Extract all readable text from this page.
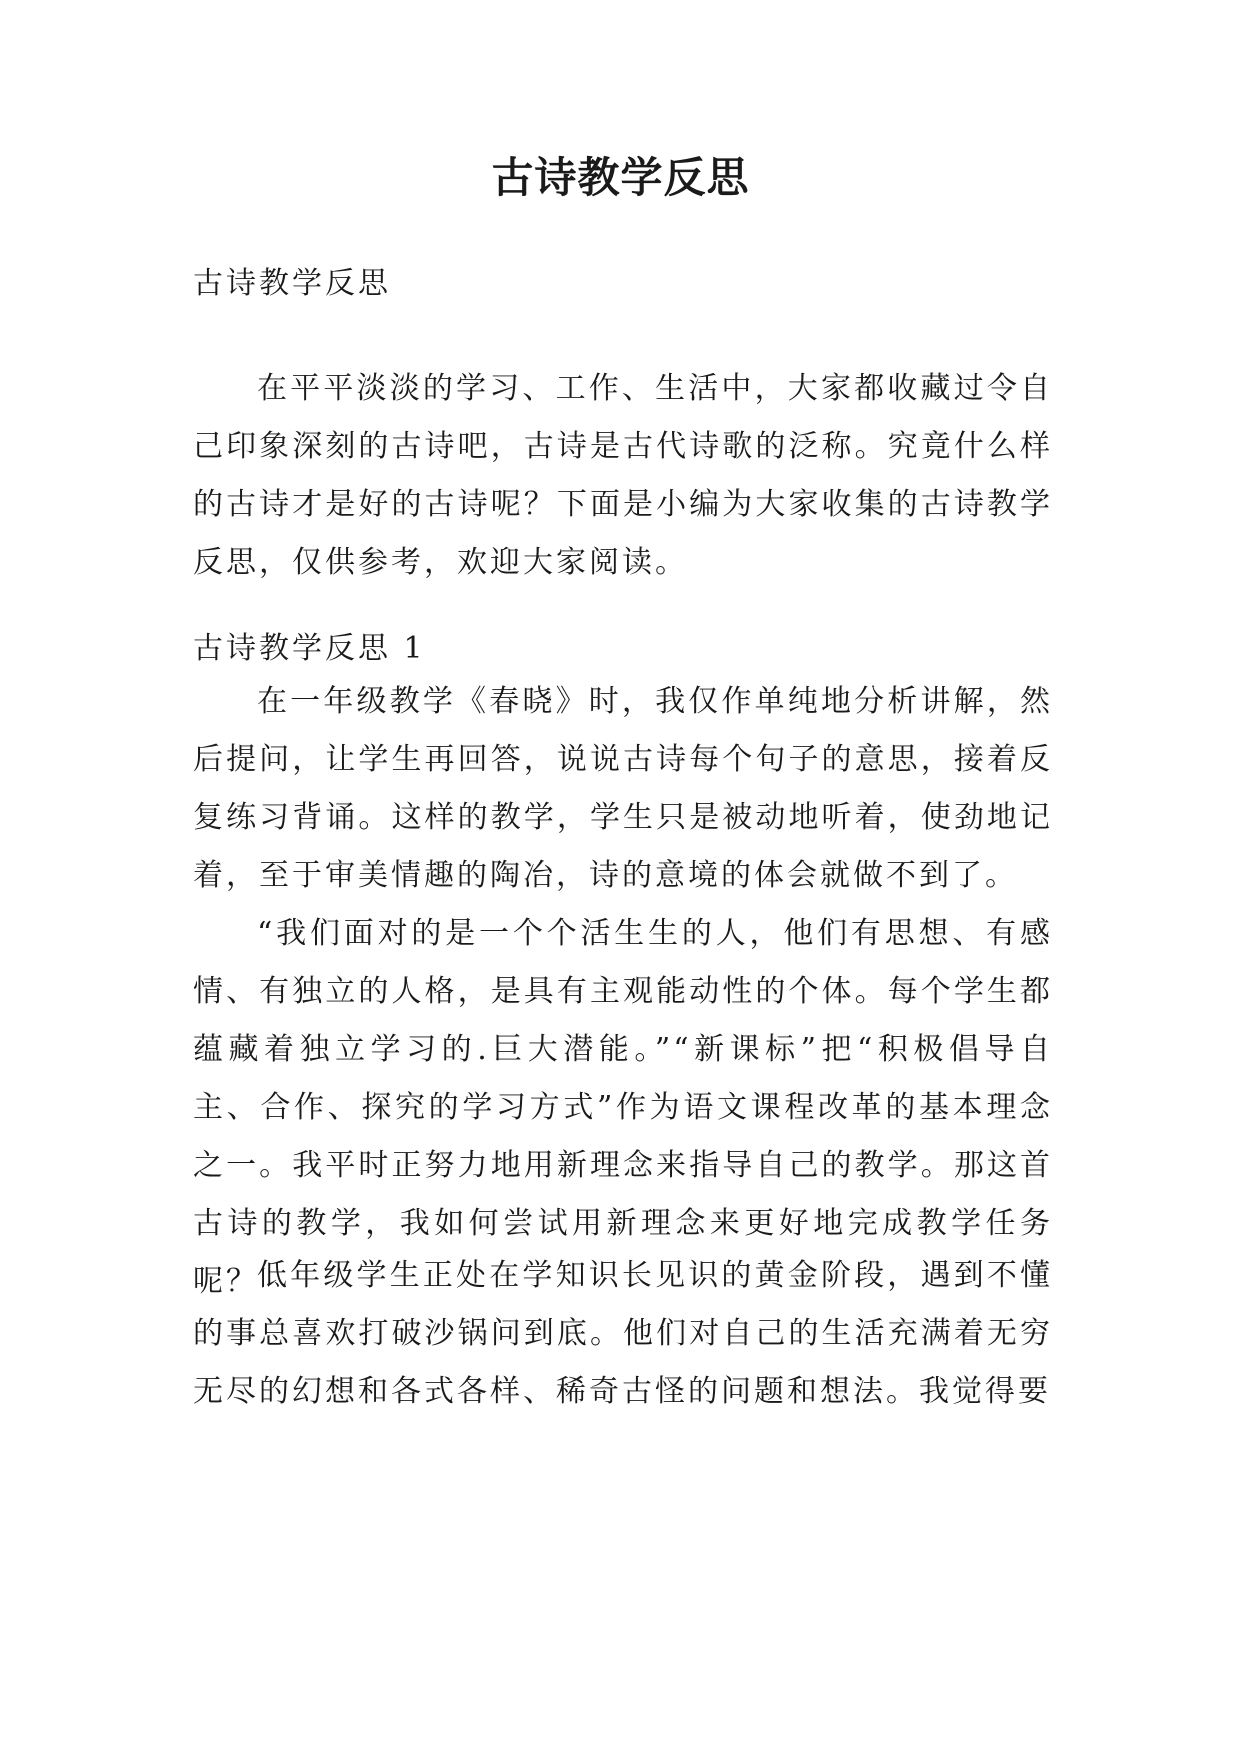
古诗教学反思

古诗教学反思

在平平淡淡的学习、工作、生活中，大家都收藏过令自己印象深刻的古诗吧，古诗是古代诗歌的泛称。究竟什么样的古诗才是好的古诗呢？下面是小编为大家收集的古诗教学反思，仅供参考，欢迎大家阅读。

古诗教学反思 1

在一年级教学《春晓》时，我仅作单纯地分析讲解，然后提问，让学生再回答，说说古诗每个句子的意思，接着反复练习背诵。这样的教学，学生只是被动地听着，使劲地记着，至于审美情趣的陶冶，诗的意境的体会就做不到了。

“我们面对的是一个个活生生的人，他们有思想、有感情、有独立的人格，是具有主观能动性的个体。每个学生都蕴藏着独立学习的.巨大潜能。”“新课标”把“积极倡导自主、合作、探究的学习方式”作为语文课程改革的基本理念之一。我平时正努力地用新理念来指导自己的教学。那这首古诗的教学，我如何尝试用新理念来更好地完成教学任务呢？

低年级学生正处在学知识长见识的黄金阶段，遇到不懂的事总喜欢打破沙锅问到底。他们对自己的生活充满着无穷无尽的幻想和各式各样、稀奇古怪的问题和想法。我觉得要
